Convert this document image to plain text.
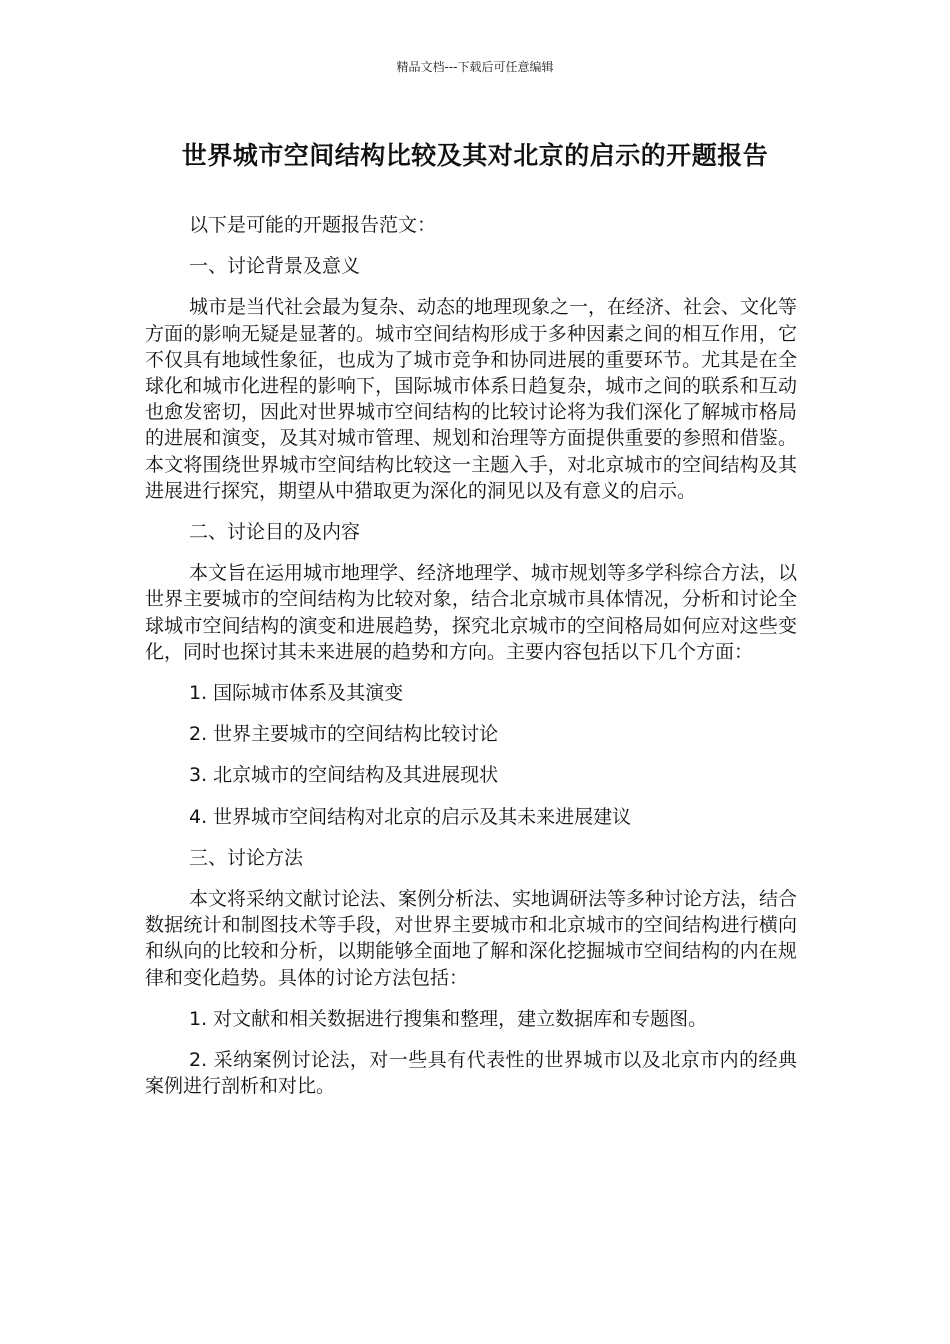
精品文档---下载后可任意编辑
世界城市空间结构比较及其对北京的启示的开题报告

以下是可能的开题报告范文：

一、讨论背景及意义

城市是当代社会最为复杂、动态的地理现象之一，在经济、社会、文化等方面的影响无疑是显著的。城市空间结构形成于多种因素之间的相互作用，它不仅具有地域性象征，也成为了城市竞争和协同进展的重要环节。尤其是在全球化和城市化进程的影响下，国际城市体系日趋复杂，城市之间的联系和互动也愈发密切，因此对世界城市空间结构的比较讨论将为我们深化了解城市格局的进展和演变，及其对城市管理、规划和治理等方面提供重要的参照和借鉴。本文将围绕世界城市空间结构比较这一主题入手，对北京城市的空间结构及其进展进行探究，期望从中猎取更为深化的洞见以及有意义的启示。

二、讨论目的及内容

本文旨在运用城市地理学、经济地理学、城市规划等多学科综合方法，以世界主要城市的空间结构为比较对象，结合北京城市具体情况，分析和讨论全球城市空间结构的演变和进展趋势，探究北京城市的空间格局如何应对这些变化，同时也探讨其未来进展的趋势和方向。主要内容包括以下几个方面：

1. 国际城市体系及其演变

2. 世界主要城市的空间结构比较讨论

3. 北京城市的空间结构及其进展现状

4. 世界城市空间结构对北京的启示及其未来进展建议

三、讨论方法

本文将采纳文献讨论法、案例分析法、实地调研法等多种讨论方法，结合数据统计和制图技术等手段，对世界主要城市和北京城市的空间结构进行横向和纵向的比较和分析，以期能够全面地了解和深化挖掘城市空间结构的内在规律和变化趋势。具体的讨论方法包括：

1. 对文献和相关数据进行搜集和整理，建立数据库和专题图。

2. 采纳案例讨论法，对一些具有代表性的世界城市以及北京市内的经典案例进行剖析和对比。
